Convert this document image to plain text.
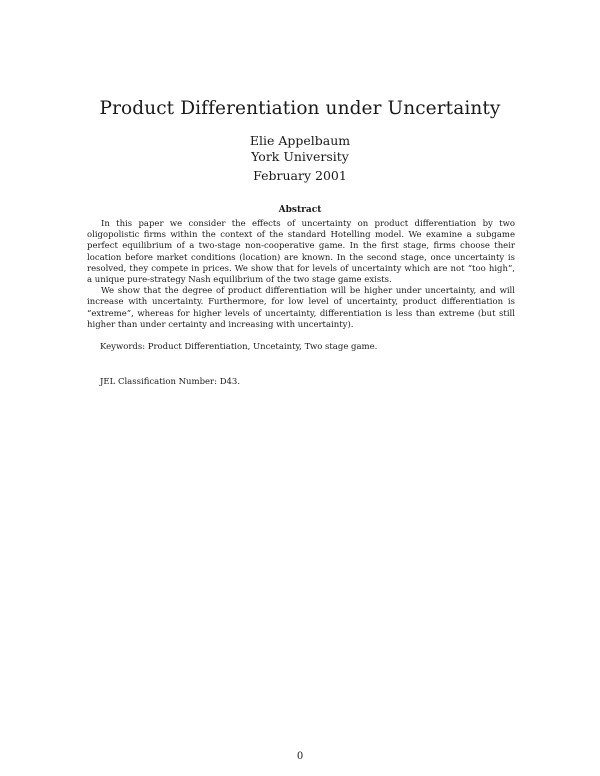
Product Differentiation under Uncertainty
Elie Appelbaum
York University
February 2001
Abstract

In this paper we consider the effects of uncertainty on product differentiation by two oligopolistic firms within the context of the standard Hotelling model. We examine a subgame perfect equilibrium of a two-stage non-cooperative game. In the first stage, firms choose their location before market conditions (location) are known. In the second stage, once uncertainty is resolved, they compete in prices. We show that for levels of uncertainty which are not “too high”, a unique pure-strategy Nash equilibrium of the two stage game exists.

We show that the degree of product differentiation will be higher under uncertainty, and will increase with uncertainty. Furthermore, for low level of uncertainty, product differentiation is “extreme”, whereas for higher levels of uncertainty, differentiation is less than extreme (but still higher than under certainty and increasing with uncertainty).

Keywords: Product Differentiation, Uncetainty, Two stage game.
JEL Classification Number: D43.
0
